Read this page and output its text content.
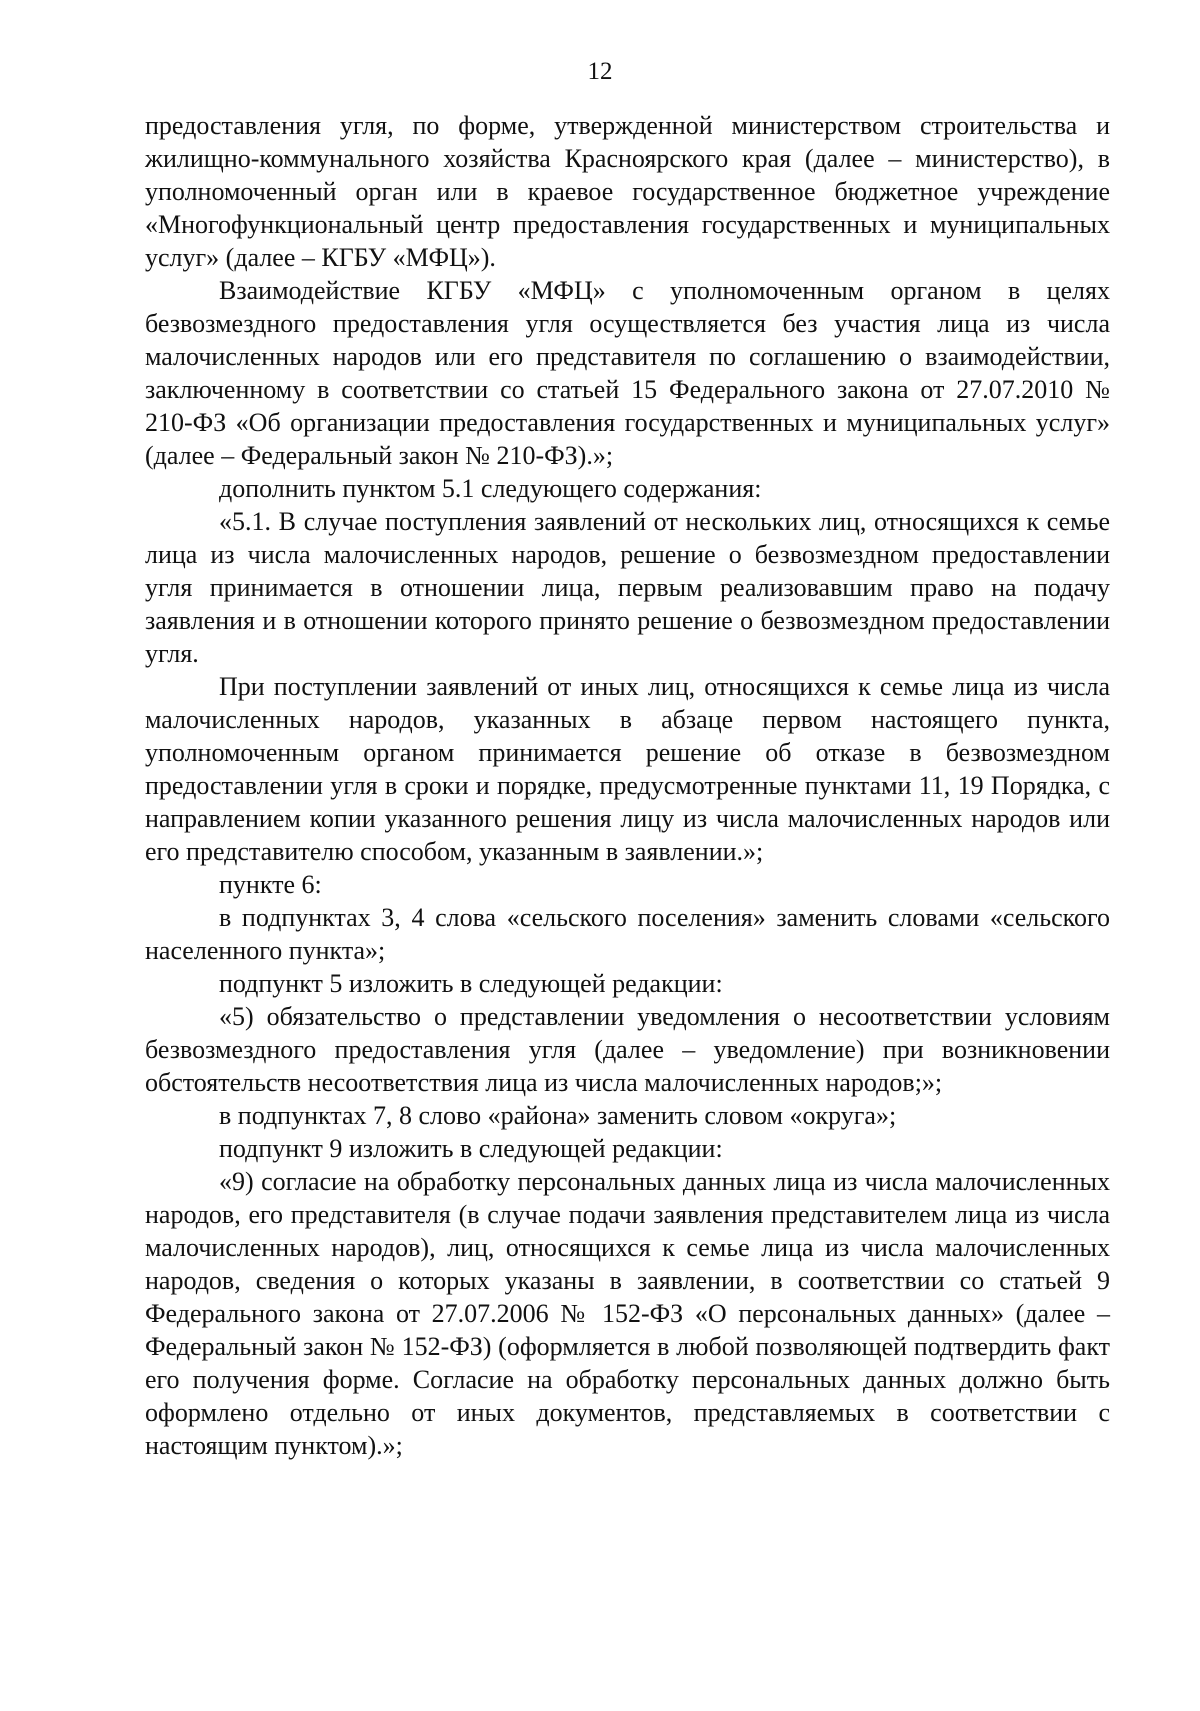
12

предоставления угля, по форме, утвержденной министерством строительства и жилищно-коммунального хозяйства Красноярского края (далее – министерство), в уполномоченный орган или в краевое государственное бюджетное учреждение «Многофункциональный центр предоставления государственных и муниципальных услуг» (далее – КГБУ «МФЦ»).

Взаимодействие КГБУ «МФЦ» с уполномоченным органом в целях безвозмездного предоставления угля осуществляется без участия лица из числа малочисленных народов или его представителя по соглашению о взаимодействии, заключенному в соответствии со статьей 15 Федерального закона от 27.07.2010 № 210-ФЗ «Об организации предоставления государственных и муниципальных услуг» (далее – Федеральный закон № 210-ФЗ).»;

дополнить пунктом 5.1 следующего содержания:

«5.1. В случае поступления заявлений от нескольких лиц, относящихся к семье лица из числа малочисленных народов, решение о безвозмездном предоставлении угля принимается в отношении лица, первым реализовавшим право на подачу заявления и в отношении которого принято решение о безвозмездном предоставлении угля.

При поступлении заявлений от иных лиц, относящихся к семье лица из числа малочисленных народов, указанных в абзаце первом настоящего пункта, уполномоченным органом принимается решение об отказе в безвозмездном предоставлении угля в сроки и порядке, предусмотренные пунктами 11, 19 Порядка, с направлением копии указанного решения лицу из числа малочисленных народов или его представителю способом, указанным в заявлении.»;

пункте 6:

в подпунктах 3, 4 слова «сельского поселения» заменить словами «сельского населенного пункта»;

подпункт 5 изложить в следующей редакции:

«5) обязательство о представлении уведомления о несоответствии условиям безвозмездного предоставления угля (далее – уведомление) при возникновении обстоятельств несоответствия лица из числа малочисленных народов;»;

в подпунктах 7, 8 слово «района» заменить словом «округа»;

подпункт 9 изложить в следующей редакции:

«9) согласие на обработку персональных данных лица из числа малочисленных народов, его представителя (в случае подачи заявления представителем лица из числа малочисленных народов), лиц, относящихся к семье лица из числа малочисленных народов, сведения о которых указаны в заявлении, в соответствии со статьей 9 Федерального закона от 27.07.2006 № 152-ФЗ «О персональных данных» (далее – Федеральный закон № 152-ФЗ) (оформляется в любой позволяющей подтвердить факт его получения форме. Согласие на обработку персональных данных должно быть оформлено отдельно от иных документов, представляемых в соответствии с настоящим пунктом).»;
